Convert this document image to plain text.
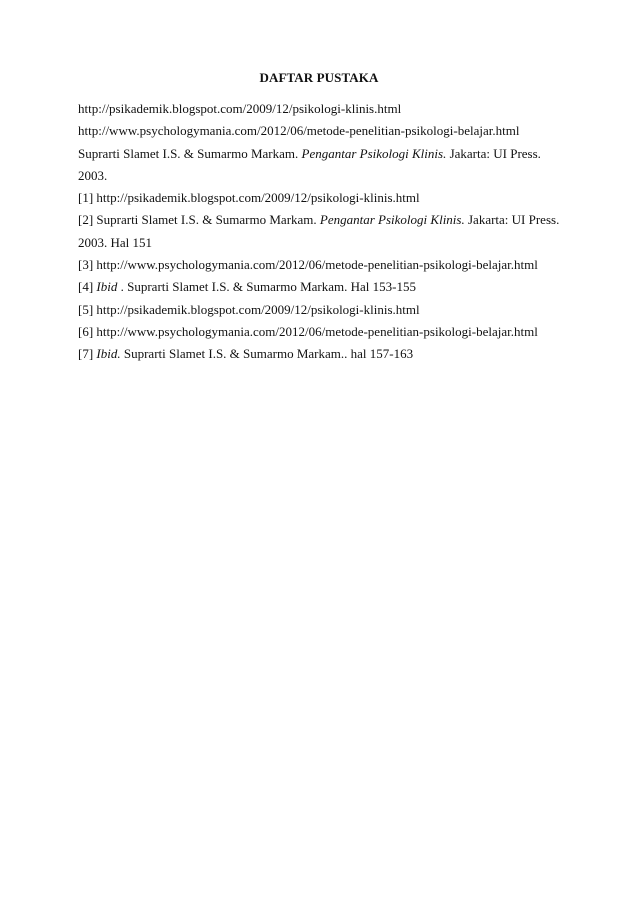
DAFTAR PUSTAKA
http://psikademik.blogspot.com/2009/12/psikologi-klinis.html
http://www.psychologymania.com/2012/06/metode-penelitian-psikologi-belajar.html
Suprarti Slamet I.S. & Sumarmo Markam. Pengantar Psikologi Klinis. Jakarta: UI Press.
2003.
[1] http://psikademik.blogspot.com/2009/12/psikologi-klinis.html
[2] Suprarti Slamet I.S. & Sumarmo Markam. Pengantar Psikologi Klinis. Jakarta: UI Press.
2003. Hal 151
[3] http://www.psychologymania.com/2012/06/metode-penelitian-psikologi-belajar.html
[4] Ibid . Suprarti Slamet I.S. & Sumarmo Markam. Hal 153-155
[5] http://psikademik.blogspot.com/2009/12/psikologi-klinis.html
[6] http://www.psychologymania.com/2012/06/metode-penelitian-psikologi-belajar.html
[7] Ibid. Suprarti Slamet I.S. & Sumarmo Markam.. hal 157-163
